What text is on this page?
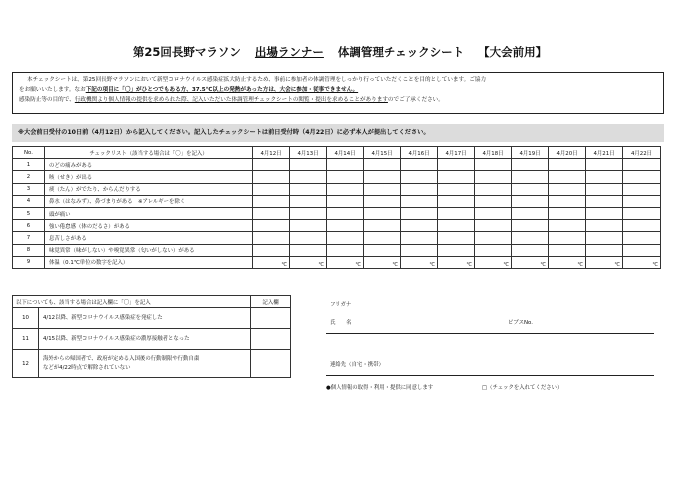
第25回長野マラソン 出場ランナー 体調管理チェックシート 【大会前用】
本チェックシートは、第25回長野マラソンにおいて新型コロナウイルス感染症拡大防止するため、事前に参加者の体調管理をしっかり行っていただくことを目的としています。ご協力
をお願いいたします。なお下記の項目に「〇」がひとつでもある方、37.5℃以上の発熱があった方は、大会に参加・従事できません。
感染防止等の目的で、行政機関より個人情報の提供を求められた際、記入いただいた体調管理チェックシートの閲覧・提出を求めることがありますのでご了承ください。
※大会前日受付の10日前（4月12日）から記入してください。記入したチェックシートは前日受付時（4月22日）に必ず本人が提出してください。
No.	チェックリスト（該当する場合は「〇」を記入）	4月12日	4月13日	4月14日	4月15日	4月16日	4月17日	4月18日	4月19日	4月20日	4月21日	4月22日
1	のどの痛みがある											
2	咳（せき）が出る											
3	痰（たん）がでたり、からんだりする											
4	鼻水（はなみず）、鼻づまりがある　※アレルギーを除く											
5	頭が痛い											
6	強い倦怠感（体のだるさ）がある											
7	息苦しさがある											
8	味覚異常（味がしない）や嗅覚異常（匂いがしない）がある											
9	体温（0.1℃単位の数字を記入）	℃	℃	℃	℃	℃	℃	℃	℃	℃	℃	℃
以下についても、該当する場合は記入欄に「〇」を記入		記入欄
10	4/12以降、新型コロナウイルス感染症を発症した	
11	4/15以降、新型コロナウイルス感染症の濃厚接触者となった	
12	海外からの帰国者で、政府が定める入国後の行動制限や行動自粛
などが4/22時点で解除されていない	

フリガナ
氏　　名	ビブスNo.
連絡先（自宅・携帯）
●個人情報の取得・利用・提供に同意します	□（チェックを入れてください）
